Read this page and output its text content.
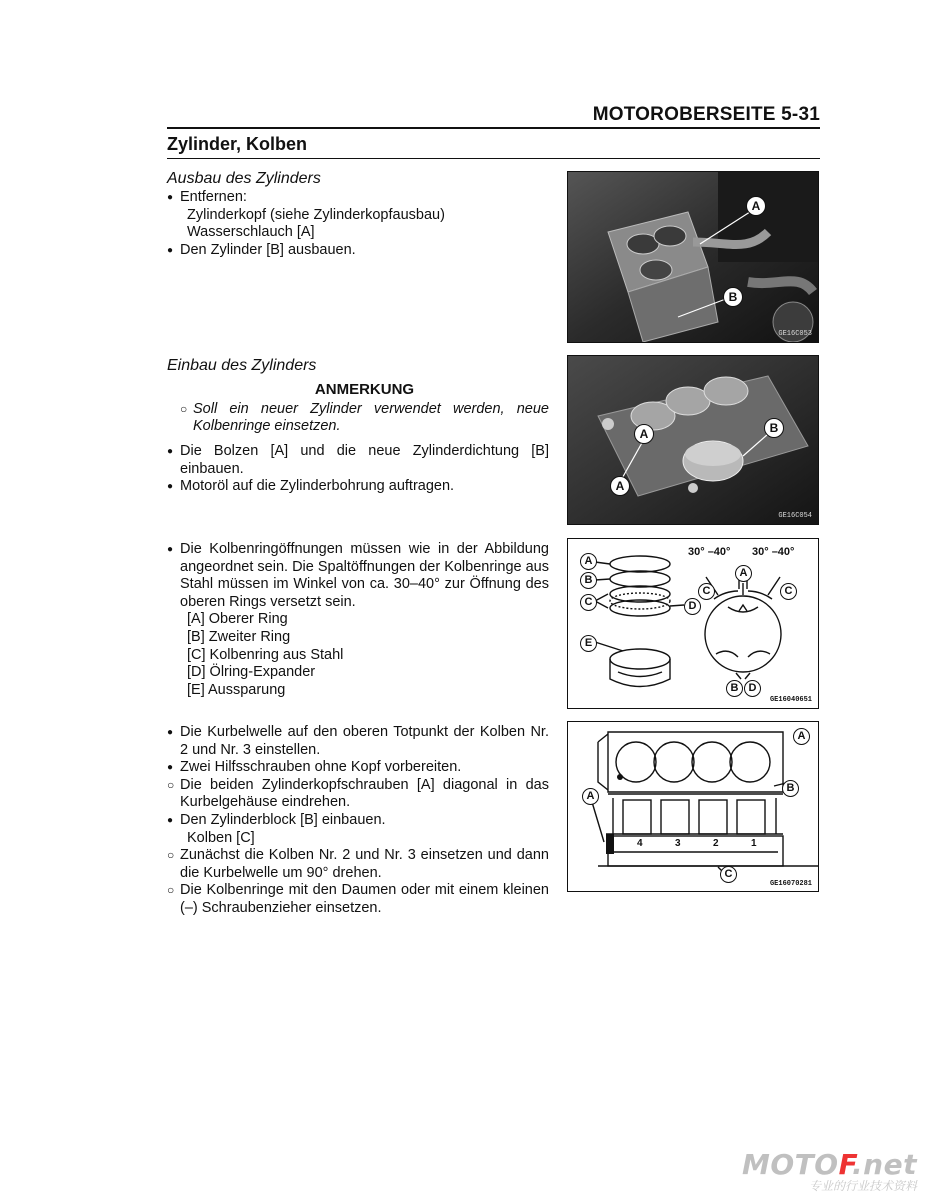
MOTOROBERSEITE 5-31
Zylinder, Kolben
Ausbau des Zylinders

● Entfernen:

Zylinderkopf (siehe Zylinderkopfausbau)

Wasserschlauch [A]

● Den Zylinder [B] ausbauen.

Einbau des Zylinders

ANMERKUNG

○ Soll ein neuer Zylinder verwendet werden, neue Kolbenringe einsetzen.

● Die Bolzen [A] und die neue Zylinderdichtung [B] einbauen.

● Motoröl auf die Zylinderbohrung auftragen.

● Die Kolbenringöffnungen müssen wie in der Abbildung angeordnet sein. Die Spaltöffnungen der Kolbenringe aus Stahl müssen im Winkel von ca. 30–40° zur Öffnung des oberen Rings versetzt sein.

[A] Oberer Ring

[B] Zweiter Ring

[C] Kolbenring aus Stahl

[D] Ölring-Expander

[E] Aussparung

● Die Kurbelwelle auf den oberen Totpunkt der Kolben Nr. 2 und Nr. 3 einstellen.

● Zwei Hilfsschrauben ohne Kopf vorbereiten.

○ Die beiden Zylinderkopfschrauben [A] diagonal in das Kurbelgehäuse eindrehen.

● Den Zylinderblock [B] einbauen.

Kolben [C]

○ Zunächst die Kolben Nr. 2 und Nr. 3 einsetzen und dann die Kurbelwelle um 90° drehen.

○ Die Kolbenringe mit den Daumen oder mit einem kleinen (–) Schraubenzieher einsetzen.

A
B
GE16C053
A
A
B
GE16C054
A
B
C	D
E
C
A
C
B D
30° –40° 30° –40°
GE16040651
A
A
B
C
4	3	2	1
GE16070281
MOTOF.net
专业的行业技术资料
